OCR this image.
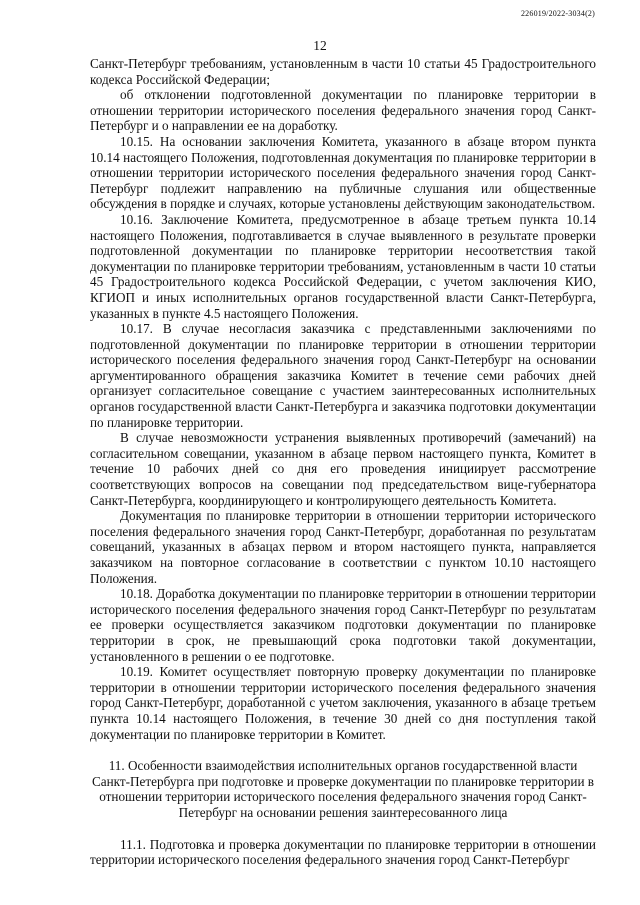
226019/2022-3034(2)
12

Санкт-Петербург требованиям, установленным в части 10 статьи 45 Градостроительного кодекса Российской Федерации;

об отклонении подготовленной документации по планировке территории в отношении территории исторического поселения федерального значения город Санкт-Петербург и о направлении ее на доработку.

10.15. На основании заключения Комитета, указанного в абзаце втором пункта 10.14 настоящего Положения, подготовленная документация по планировке территории в отношении территории исторического поселения федерального значения город Санкт-Петербург подлежит направлению на публичные слушания или общественные обсуждения в порядке и случаях, которые установлены действующим законодательством.

10.16. Заключение Комитета, предусмотренное в абзаце третьем пункта 10.14 настоящего Положения, подготавливается в случае выявленного в результате проверки подготовленной документации по планировке территории несоответствия такой документации по планировке территории требованиям, установленным в части 10 статьи 45 Градостроительного кодекса Российской Федерации, с учетом заключения КИО, КГИОП и иных исполнительных органов государственной власти Санкт-Петербурга, указанных в пункте 4.5 настоящего Положения.

10.17. В случае несогласия заказчика с представленными заключениями по подготовленной документации по планировке территории в отношении территории исторического поселения федерального значения город Санкт-Петербург на основании аргументированного обращения заказчика Комитет в течение семи рабочих дней организует согласительное совещание с участием заинтересованных исполнительных органов государственной власти Санкт-Петербурга и заказчика подготовки документации по планировке территории.

В случае невозможности устранения выявленных противоречий (замечаний) на согласительном совещании, указанном в абзаце первом настоящего пункта, Комитет в течение 10 рабочих дней со дня его проведения инициирует рассмотрение соответствующих вопросов на совещании под председательством вице-губернатора Санкт-Петербурга, координирующего и контролирующего деятельность Комитета.

Документация по планировке территории в отношении территории исторического поселения федерального значения город Санкт-Петербург, доработанная по результатам совещаний, указанных в абзацах первом и втором настоящего пункта, направляется заказчиком на повторное согласование в соответствии с пунктом 10.10 настоящего Положения.

10.18. Доработка документации по планировке территории в отношении территории исторического поселения федерального значения город Санкт-Петербург по результатам ее проверки осуществляется заказчиком подготовки документации по планировке территории в срок, не превышающий срока подготовки такой документации, установленного в решении о ее подготовке.

10.19. Комитет осуществляет повторную проверку документации по планировке территории в отношении территории исторического поселения федерального значения город Санкт-Петербург, доработанной с учетом заключения, указанного в абзаце третьем пункта 10.14 настоящего Положения, в течение 30 дней со дня поступления такой документации по планировке территории в Комитет.

11. Особенности взаимодействия исполнительных органов государственной власти Санкт-Петербурга при подготовке и проверке документации по планировке территории в отношении территории исторического поселения федерального значения город Санкт-Петербург на основании решения заинтересованного лица

11.1. Подготовка и проверка документации по планировке территории в отношении территории исторического поселения федерального значения город Санкт-Петербург
